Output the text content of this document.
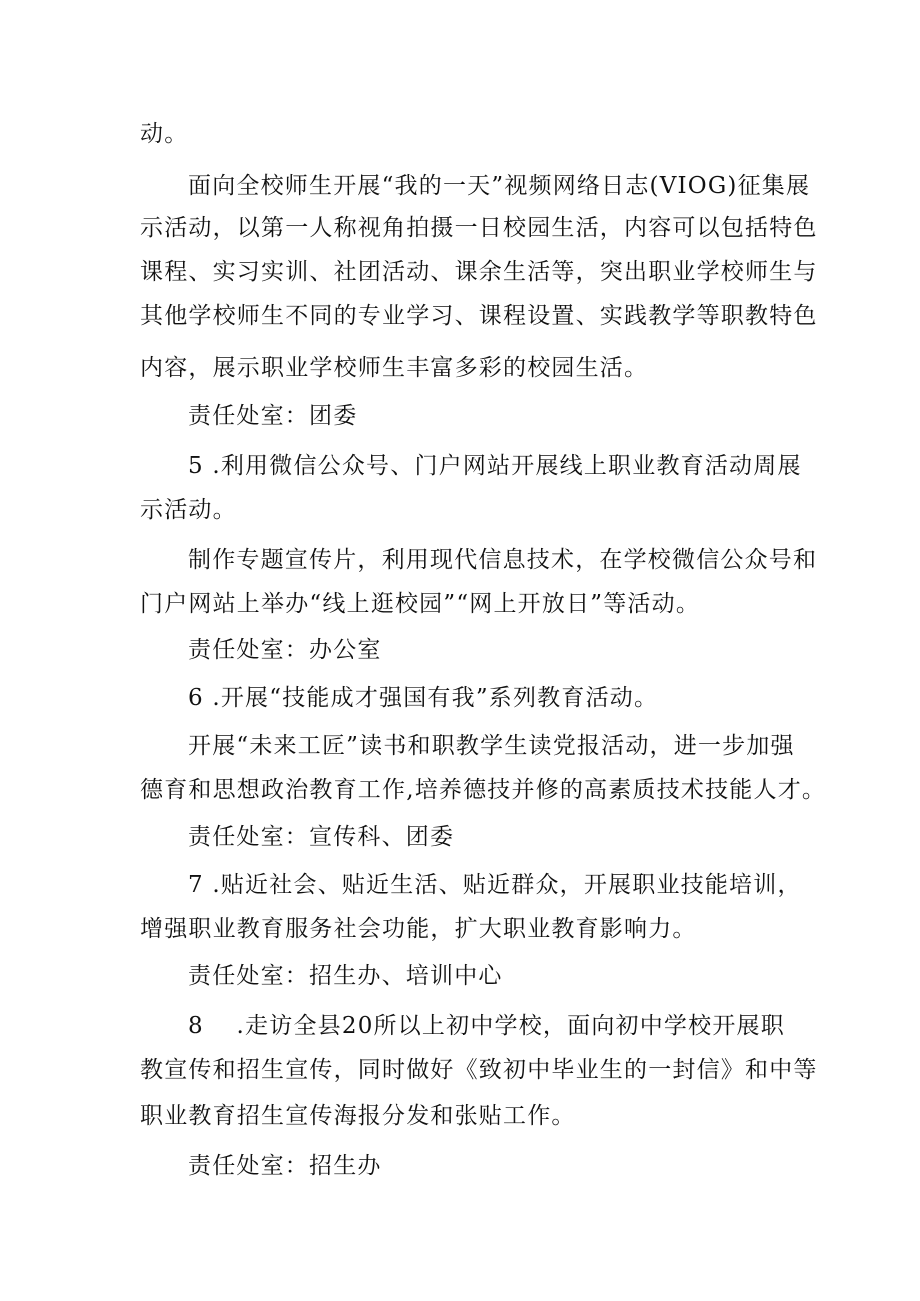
动。
面向全校师生开展“我的一天”视频网络日志(VIOG)征集展
示活动，以第一人称视角拍摄一日校园生活，内容可以包括特色
课程、实习实训、社团活动、课余生活等，突出职业学校师生与
其他学校师生不同的专业学习、课程设置、实践教学等职教特色
内容，展示职业学校师生丰富多彩的校园生活。
责任处室：团委
5 .利用微信公众号、门户网站开展线上职业教育活动周展
示活动。
制作专题宣传片，利用现代信息技术，在学校微信公众号和
门户网站上举办“线上逛校园”“网上开放日”等活动。
责任处室：办公室
6 .开展“技能成才强国有我”系列教育活动。
开展“未来工匠”读书和职教学生读党报活动，进一步加强
德育和思想政治教育工作,培养德技并修的高素质技术技能人才。
责任处室：宣传科、团委
7 .贴近社会、贴近生活、贴近群众，开展职业技能培训，
增强职业教育服务社会功能，扩大职业教育影响力。
责任处室：招生办、培训中心
8　 .走访全县20所以上初中学校，面向初中学校开展职
教宣传和招生宣传，同时做好《致初中毕业生的一封信》和中等
职业教育招生宣传海报分发和张贴工作。
责任处室：招生办
